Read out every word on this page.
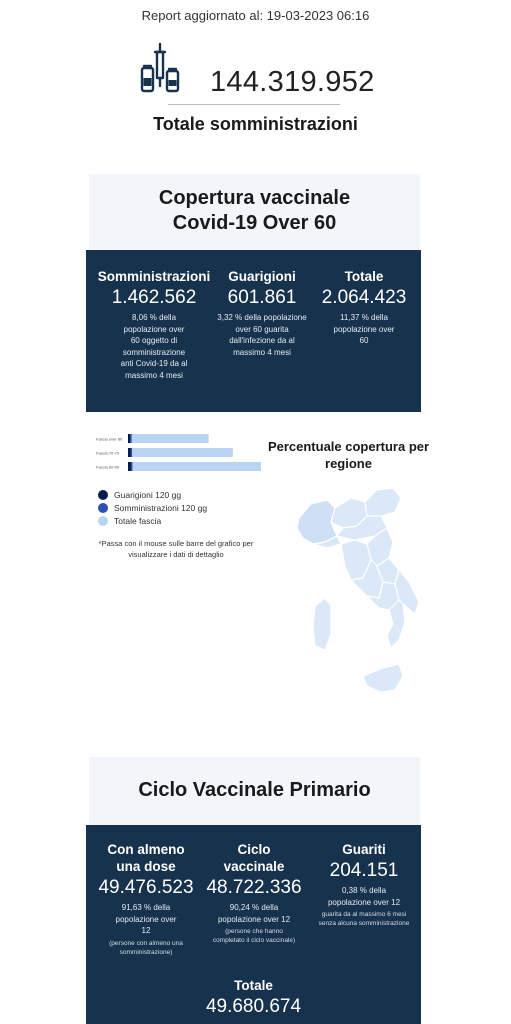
Report aggiornato al: 19-03-2023 06:16
144.319.952
Totale somministrazioni
Copertura vaccinale Covid-19 Over 60
Somministrazioni
1.462.562
8,06 % della popolazione over 60 oggetto di somministrazione anti Covid-19 da al massimo 4 mesi
Guarigioni
601.861
3,32 % della popolazione over 60 guarita dall'infezione da al massimo 4 mesi
Totale
2.064.423
11,37 % della popolazione over 60
Fascia over 80
Fascia 70-79
Fascia 60-69
Guarigioni 120 gg
Somministrazioni 120 gg
Totale fascia
*Passa con il mouse sulle barre del grafico per visualizzare i dati di dettaglio
Percentuale copertura per regione
Ciclo Vaccinale Primario
Con almeno una dose
49.476.523
91,63 % della popolazione over 12
(persone con almeno una somministrazione)
Ciclo vaccinale
48.722.336
90,24 % della popolazione over 12
(persone che hanno completato il ciclo vaccinale)
Guariti
204.151
0,38 % della popolazione over 12
guarita da al massimo 6 mesi senza alcuna somministrazione
Totale
49.680.674
